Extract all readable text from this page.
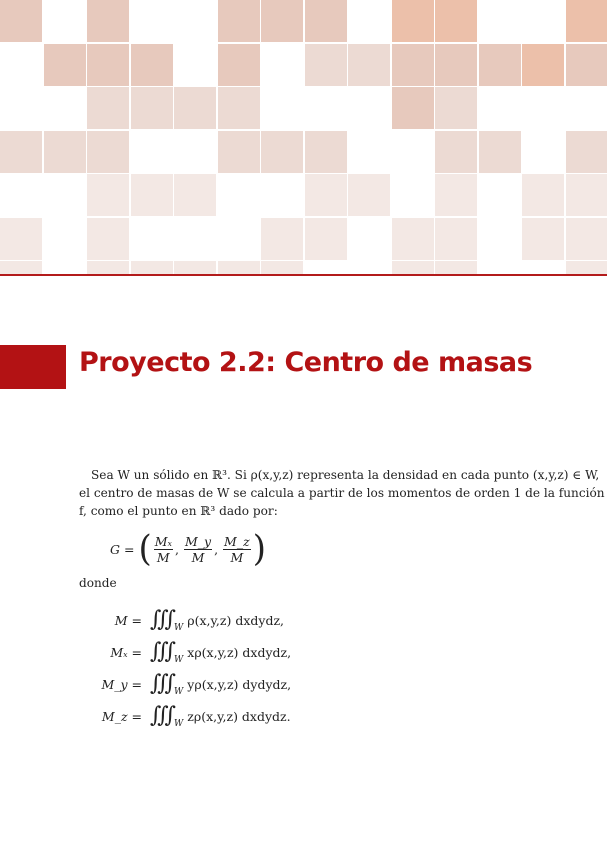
Proyecto 2.2: Centro de masas

Sea W un sólido en ℝ³. Si ρ(x,y,z) representa la densidad en cada punto (x,y,z) ∈ W,
el centro de masas de W se calcula a partir de los momentos de orden 1 de la función
f, como el punto en ℝ³ dado por:

G = ( $\frac{\text{Mₓ}}{M}$ , $\frac{M\_y}{M}$ , $\frac{M\_z}{M}$ )
donde
M = ∭ W
ρ(x,y,z) dxdydz,
Mₓ = ∭ W
xρ(x,y,z) dxdydz,
M_y = ∭ W
yρ(x,y,z) dydydz,
M_z = ∭ W
zρ(x,y,z) dxdydz.
